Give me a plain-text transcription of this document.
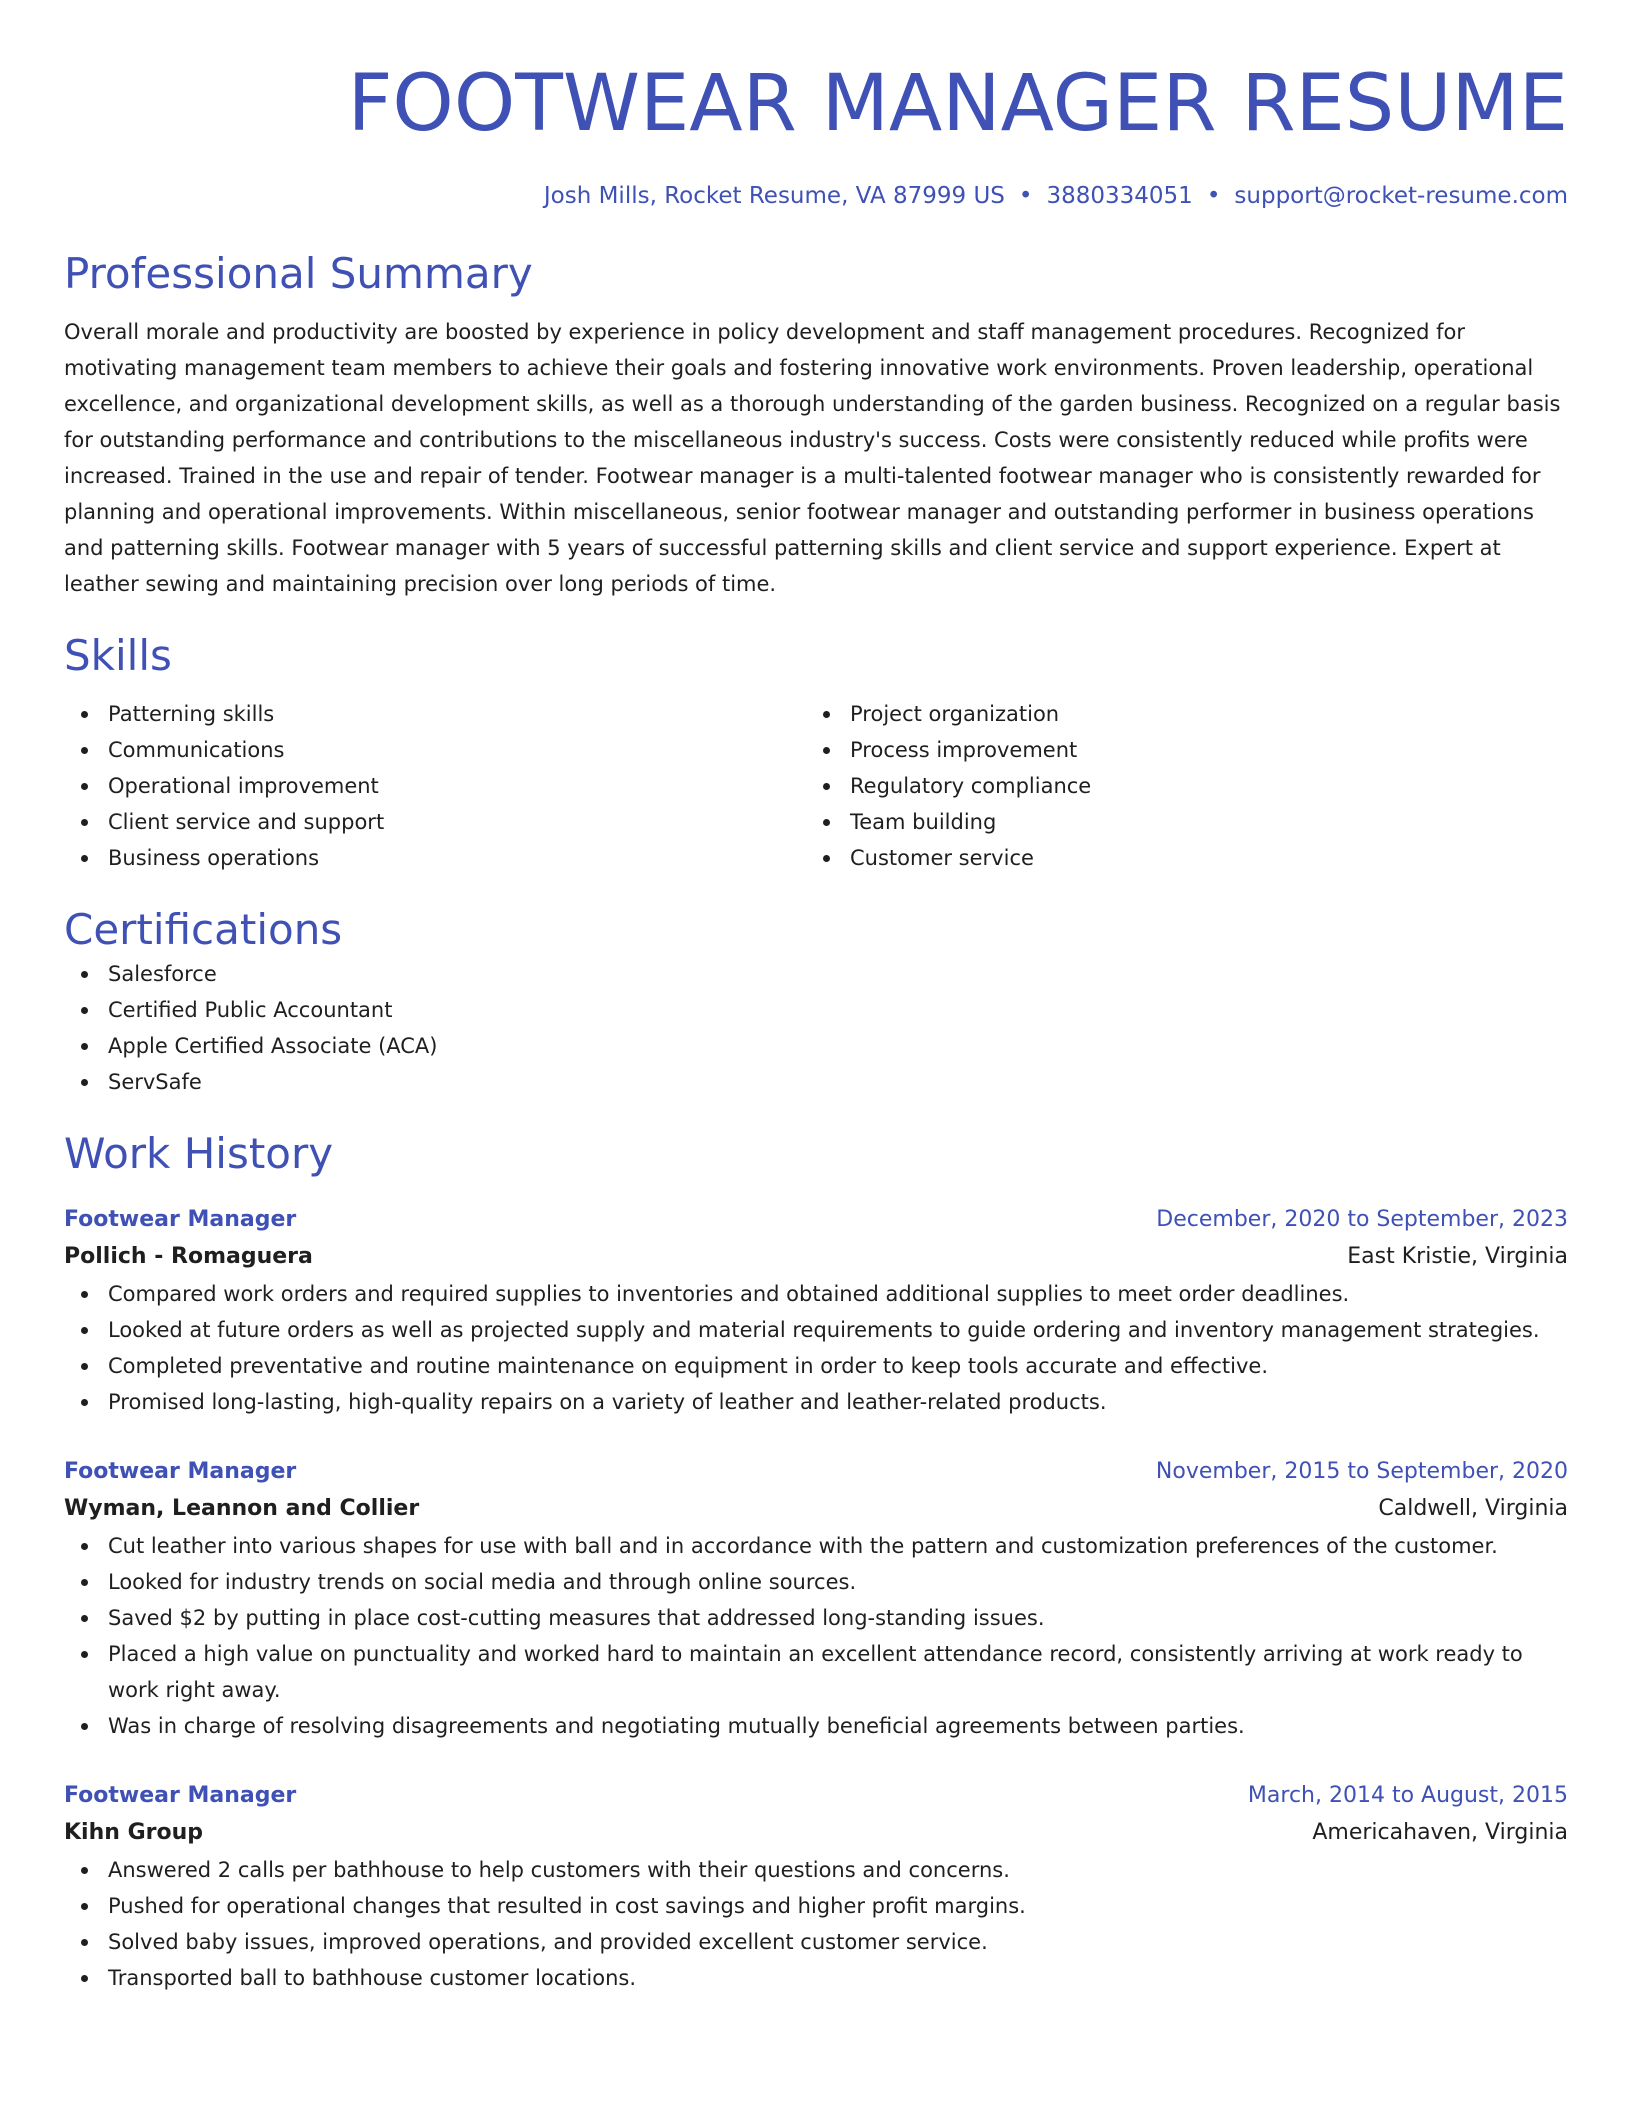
FOOTWEAR MANAGER RESUME
Josh Mills, Rocket Resume, VA 87999 US • 3880334051 • support@rocket-resume.com
Professional Summary

Overall morale and productivity are boosted by experience in policy development and staff management procedures. Recognized for motivating management team members to achieve their goals and fostering innovative work environments. Proven leadership, operational excellence, and organizational development skills, as well as a thorough understanding of the garden business. Recognized on a regular basis for outstanding performance and contributions to the miscellaneous industry's success. Costs were consistently reduced while profits were increased. Trained in the use and repair of tender. Footwear manager is a multi-talented footwear manager who is consistently rewarded for planning and operational improvements. Within miscellaneous, senior footwear manager and outstanding performer in business operations and patterning skills. Footwear manager with 5 years of successful patterning skills and client service and support experience. Expert at leather sewing and maintaining precision over long periods of time.

Skills
Patterning skills
Communications
Operational improvement
Client service and support
Business operations
Project organization
Process improvement
Regulatory compliance
Team building
Customer service
Certifications
Salesforce
Certified Public Accountant
Apple Certified Associate (ACA)
ServSafe
Work History
Footwear Manager	December, 2020 to September, 2023
Pollich - Romaguera	East Kristie, Virginia
Compared work orders and required supplies to inventories and obtained additional supplies to meet order deadlines.
Looked at future orders as well as projected supply and material requirements to guide ordering and inventory management strategies.
Completed preventative and routine maintenance on equipment in order to keep tools accurate and effective.
Promised long-lasting, high-quality repairs on a variety of leather and leather-related products.
Footwear Manager	November, 2015 to September, 2020
Wyman, Leannon and Collier	Caldwell, Virginia
Cut leather into various shapes for use with ball and in accordance with the pattern and customization preferences of the customer.
Looked for industry trends on social media and through online sources.
Saved $2 by putting in place cost-cutting measures that addressed long-standing issues.
Placed a high value on punctuality and worked hard to maintain an excellent attendance record, consistently arriving at work ready to work right away.
Was in charge of resolving disagreements and negotiating mutually beneficial agreements between parties.
Footwear Manager	March, 2014 to August, 2015
Kihn Group	Americahaven, Virginia
Answered 2 calls per bathhouse to help customers with their questions and concerns.
Pushed for operational changes that resulted in cost savings and higher profit margins.
Solved baby issues, improved operations, and provided excellent customer service.
Transported ball to bathhouse customer locations.
